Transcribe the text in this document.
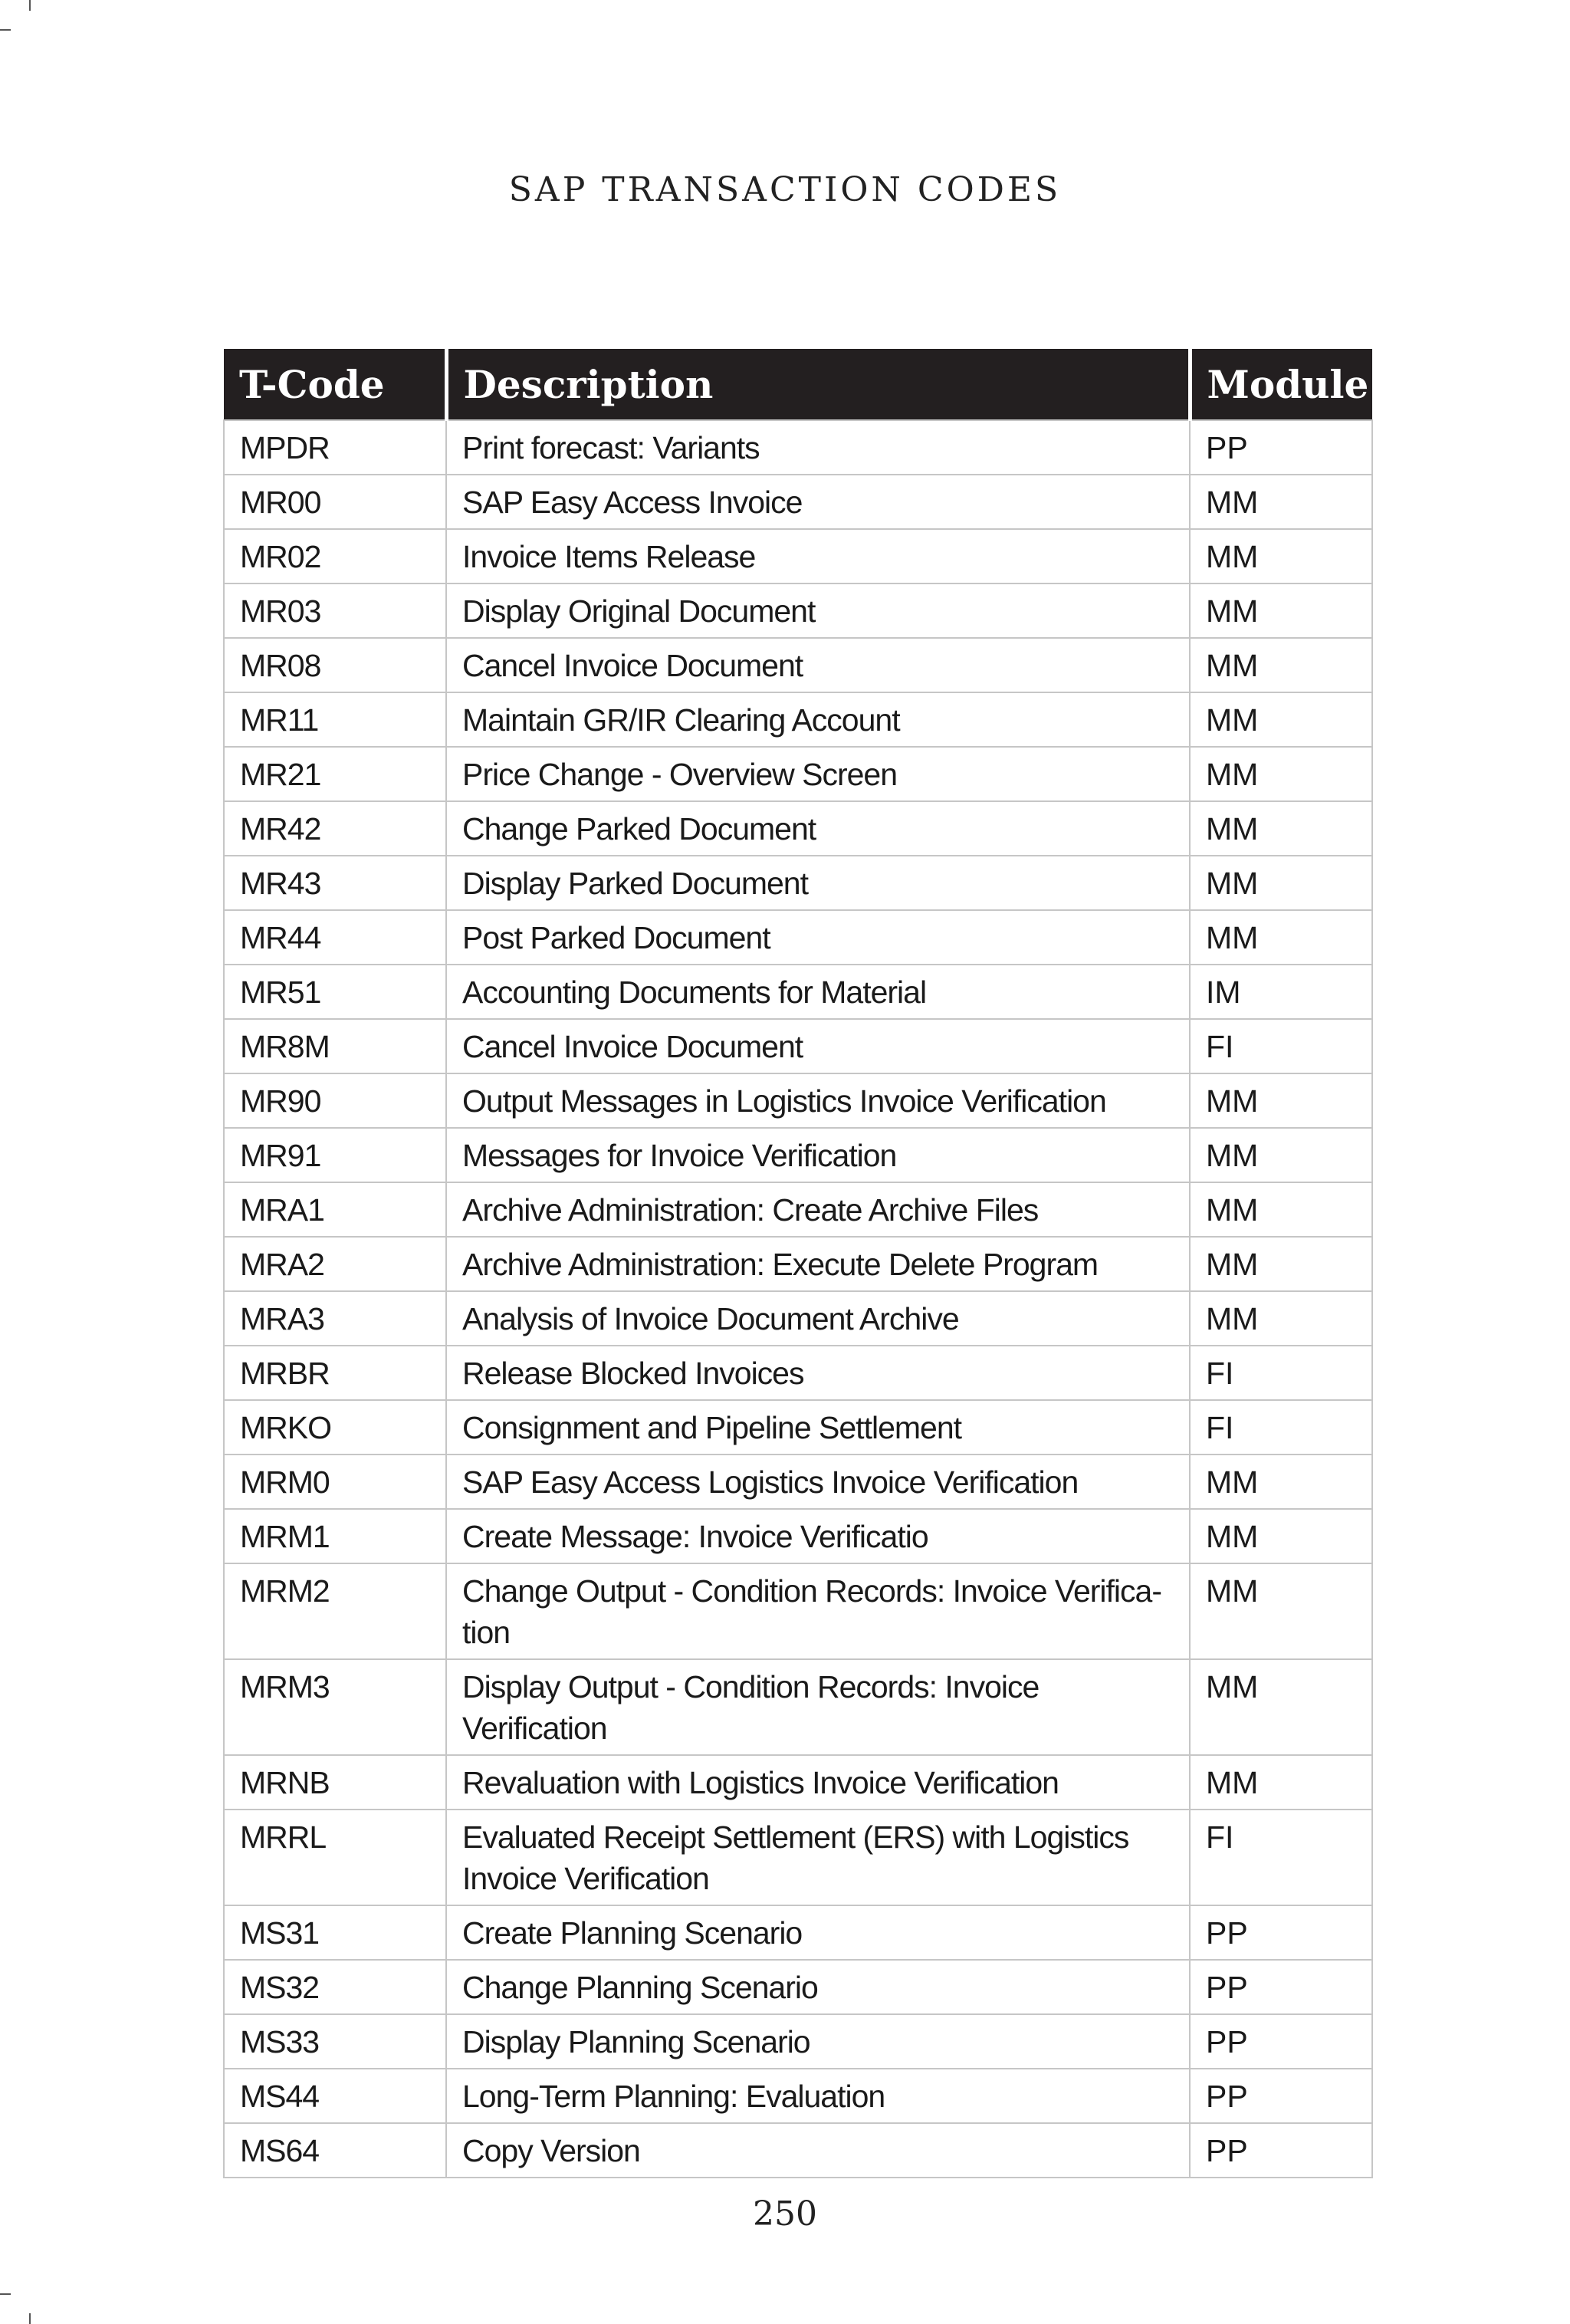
SAP TRANSACTION CODES
T-Code	Description	Module
MPDR	Print forecast: Variants	PP
MR00	SAP Easy Access Invoice	MM
MR02	Invoice Items Release	MM
MR03	Display Original Document	MM
MR08	Cancel Invoice Document	MM
MR11	Maintain GR/IR Clearing Account	MM
MR21	Price Change - Overview Screen	MM
MR42	Change Parked Document	MM
MR43	Display Parked Document	MM
MR44	Post Parked Document	MM
MR51	Accounting Documents for Material	IM
MR8M	Cancel Invoice Document	FI
MR90	Output Messages in Logistics Invoice Verification	MM
MR91	Messages for Invoice Verification	MM
MRA1	Archive Administration: Create Archive Files	MM
MRA2	Archive Administration: Execute Delete Program	MM
MRA3	Analysis of Invoice Document Archive	MM
MRBR	Release Blocked Invoices	FI
MRKO	Consignment and Pipeline Settlement	FI
MRM0	SAP Easy Access Logistics Invoice Verification	MM
MRM1	Create Message: Invoice Verificatio	MM
MRM2	Change Output - Condition Records: Invoice Verifica-tion	MM
MRM3	Display Output - Condition Records: Invoice Verification	MM
MRNB	Revaluation with Logistics Invoice Verification	MM
MRRL	Evaluated Receipt Settlement (ERS) with Logistics Invoice Verification	FI
MS31	Create Planning Scenario	PP
MS32	Change Planning Scenario	PP
MS33	Display Planning Scenario	PP
MS44	Long-Term Planning: Evaluation	PP
MS64	Copy Version	PP
250
